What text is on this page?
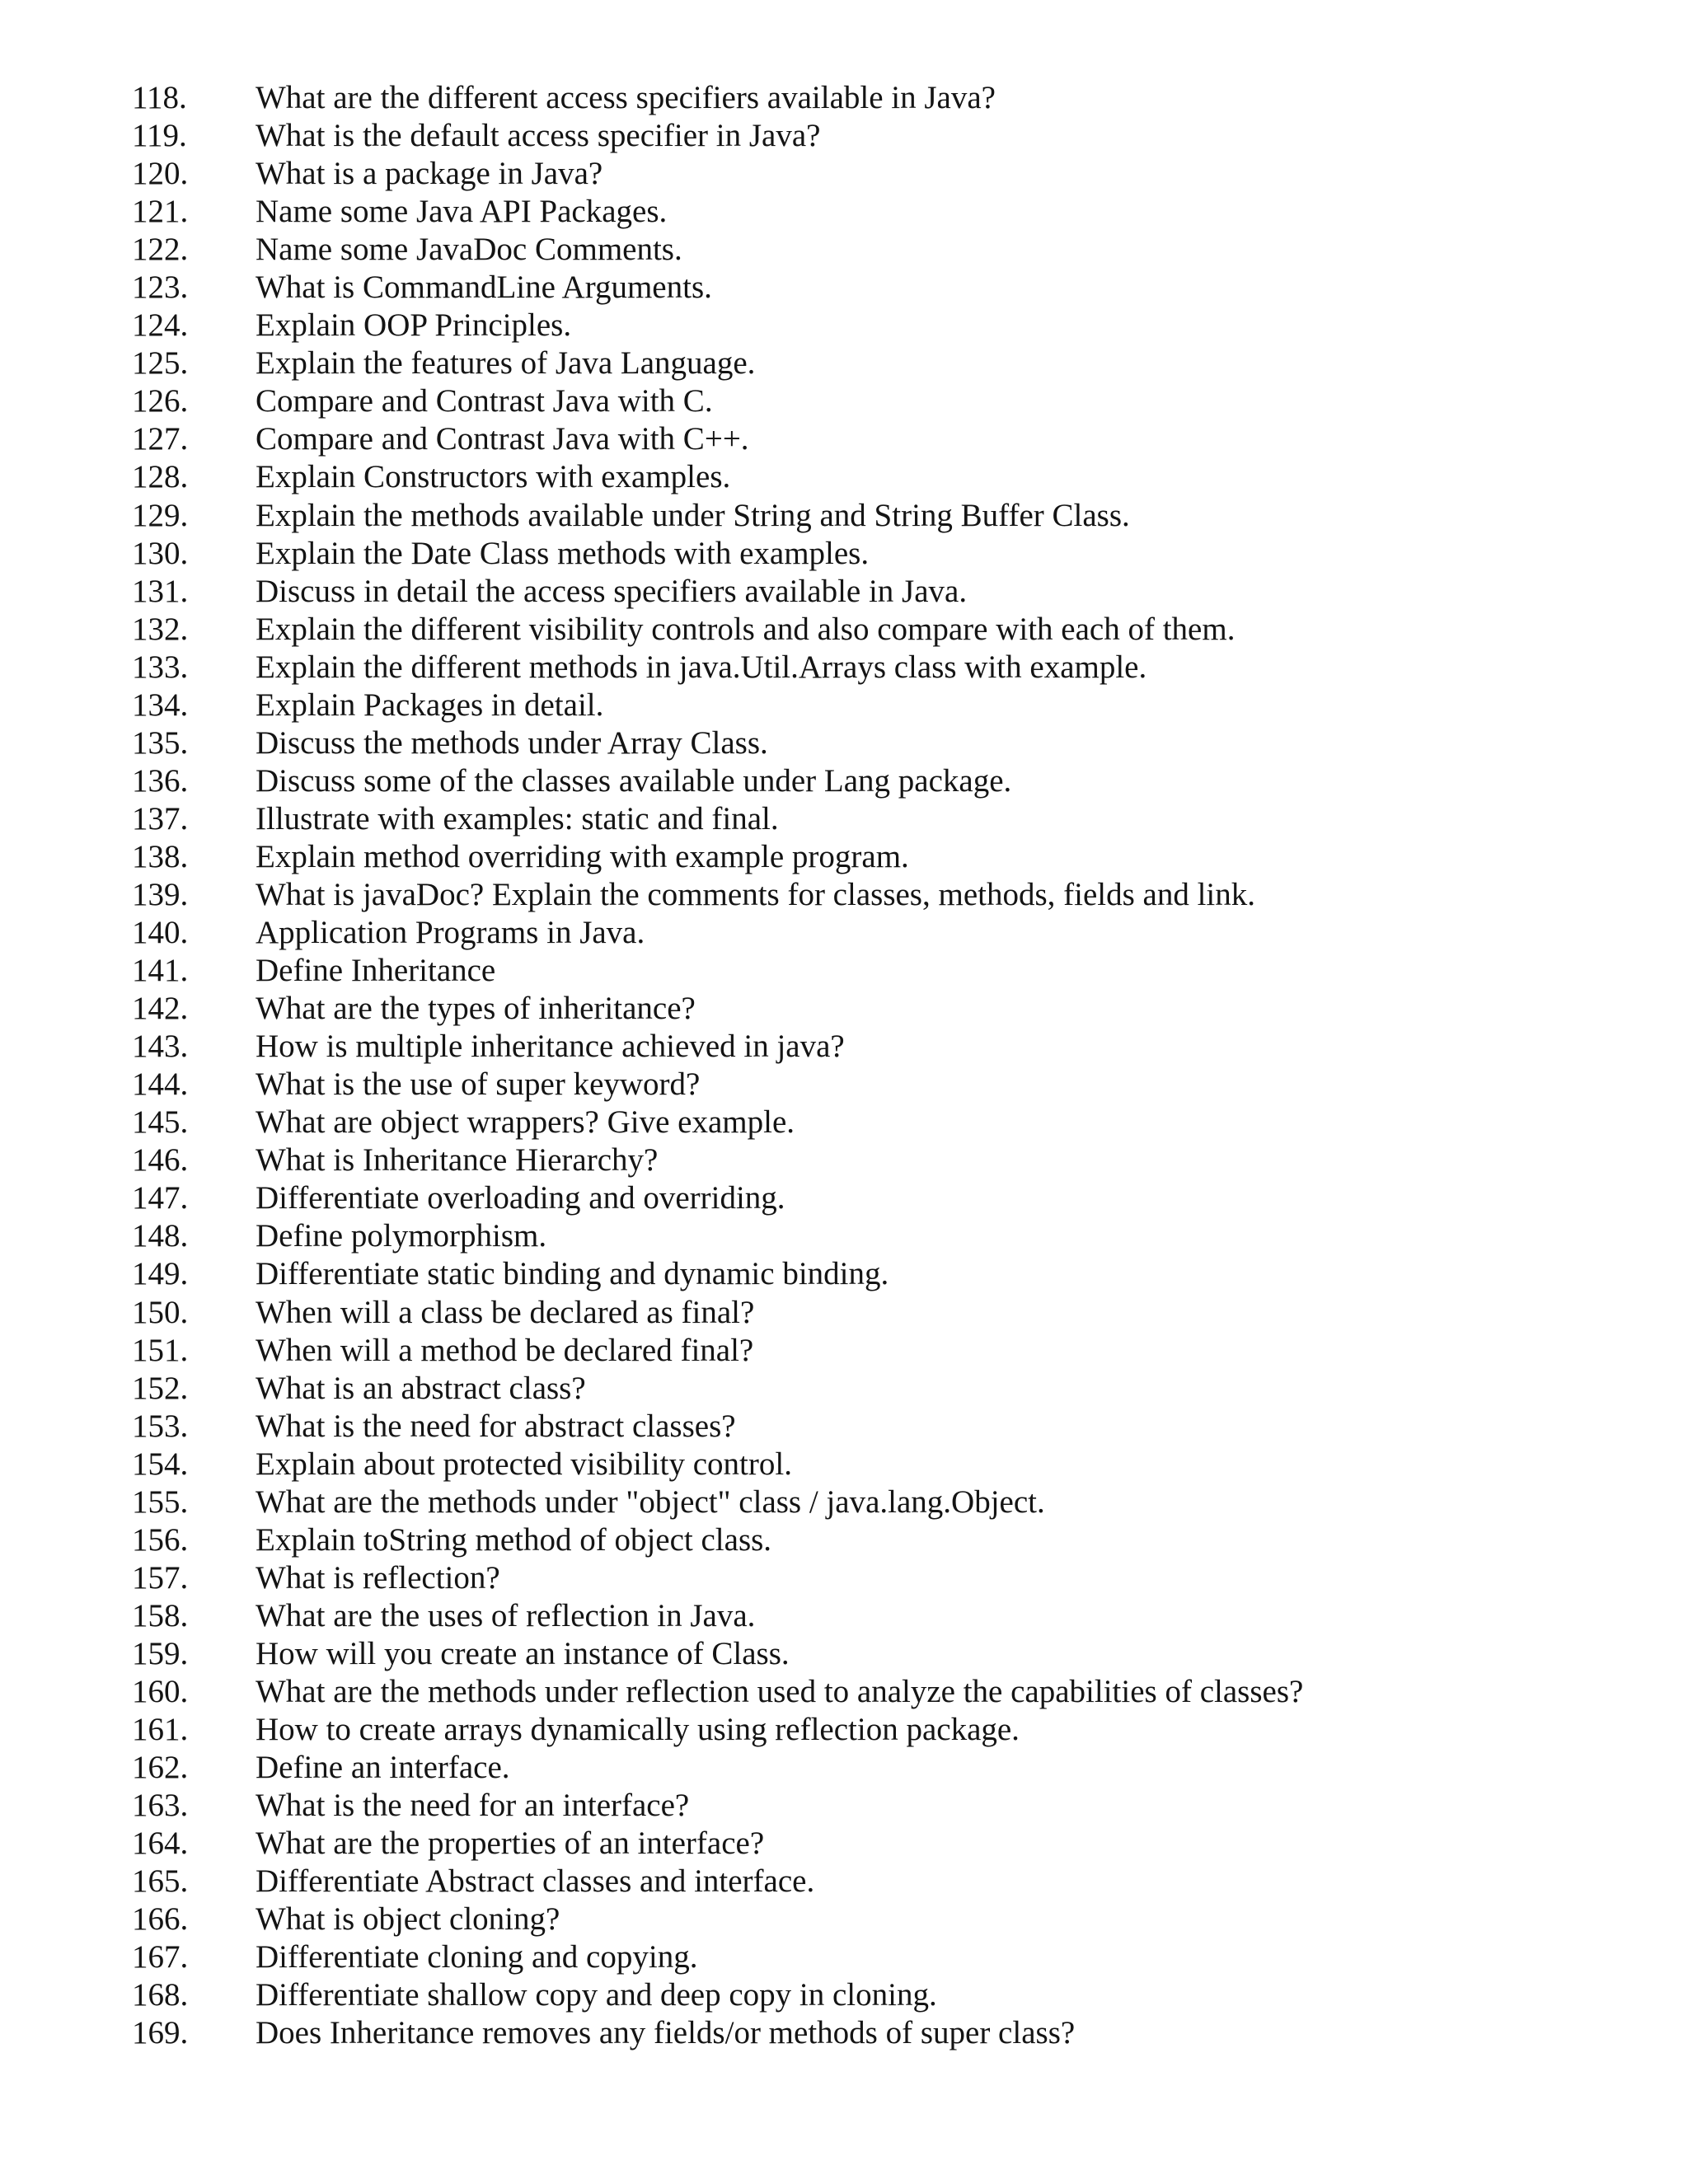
118. What are the different access specifiers available in Java?
119. What is the default access specifier in Java?
120. What is a package in Java?
121. Name some Java API Packages.
122. Name some JavaDoc Comments.
123. What is CommandLine Arguments.
124. Explain OOP Principles.
125. Explain the features of Java Language.
126. Compare and Contrast Java with C.
127. Compare and Contrast Java with C++.
128. Explain Constructors with examples.
129. Explain the methods available under String and String Buffer Class.
130. Explain the Date Class methods with examples.
131. Discuss in detail the access specifiers available in Java.
132. Explain the different visibility controls and also compare with each of them.
133. Explain the different methods in java.Util.Arrays class with example.
134. Explain Packages in detail.
135. Discuss the methods under Array Class.
136. Discuss some of the classes available under Lang package.
137. Illustrate with examples: static and final.
138. Explain method overriding with example program.
139. What is javaDoc? Explain the comments for classes, methods, fields and link.
140. Application Programs in Java.
141. Define Inheritance
142. What are the types of inheritance?
143. How is multiple inheritance achieved in java?
144. What is the use of super keyword?
145. What are object wrappers? Give example.
146. What is Inheritance Hierarchy?
147. Differentiate overloading and overriding.
148. Define polymorphism.
149. Differentiate static binding and dynamic binding.
150. When will a class be declared as final?
151. When will a method be declared final?
152. What is an abstract class?
153. What is the need for abstract classes?
154. Explain about protected visibility control.
155. What are the methods under "object" class / java.lang.Object.
156. Explain toString method of object class.
157. What is reflection?
158. What are the uses of reflection in Java.
159. How will you create an instance of Class.
160. What are the methods under reflection used to analyze the capabilities of classes?
161. How to create arrays dynamically using reflection package.
162. Define an interface.
163. What is the need for an interface?
164. What are the properties of an interface?
165. Differentiate Abstract classes and interface.
166. What is object cloning?
167. Differentiate cloning and copying.
168. Differentiate shallow copy and deep copy in cloning.
169. Does Inheritance removes any fields/or methods of super class?
